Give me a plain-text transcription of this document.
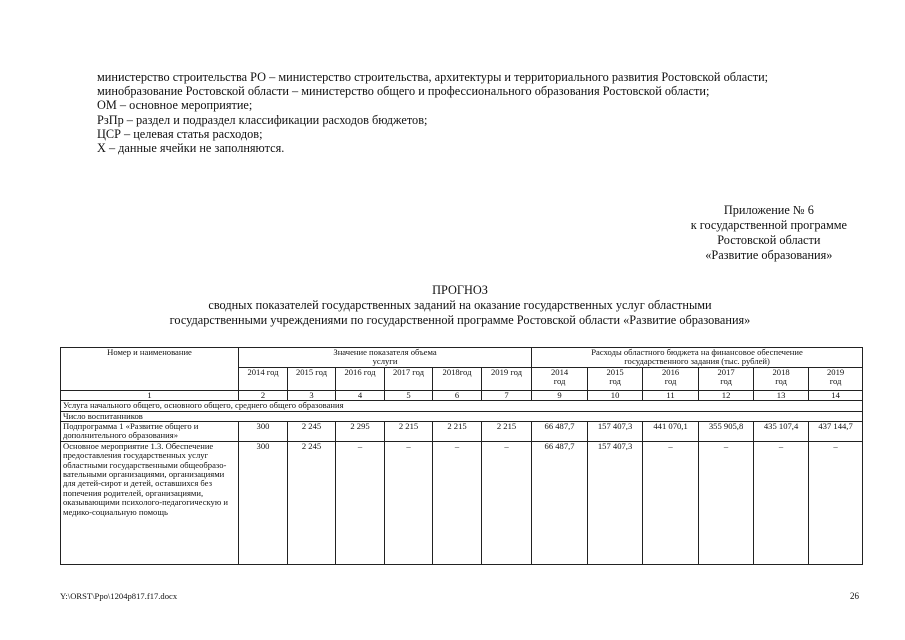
министерство строительства РО – министерство строительства, архитектуры и территориального развития Ростовской области;

минобразование Ростовской области – министерство общего и профессионального образования Ростовской области;

ОМ – основное мероприятие;

РзПр – раздел и подраздел классификации расходов бюджетов;

ЦСР – целевая статья расходов;

Х – данные ячейки не заполняются.

Приложение № 6
к государственной программе
Ростовской области
«Развитие образования»
ПРОГНОЗ
сводных показателей государственных заданий на оказание государственных услуг областными
государственными учреждениями по государственной программе Ростовской области «Развитие образования»
Номер и наименование	Значение показателя объема услуги						Расходы областного бюджета на финансовое обеспечение государственного задания (тыс. рублей)					

	2014 год	2015 год	2016 год	2017 год	2018год	2019 год	2014 год	2015 год	2016 год	2017 год	2018 год	2019 год

1	2	3	4	5	6	7	9	10	11	12	13	14
Услуга начального общего, основного общего, среднего общего образования												
Число воспитанников												
Подпрограмма 1 «Развитие общего и дополнительного образования»	300	2 245	2 295	2 215	2 215	2 215	66 487,7	157 407,3	441 070,1	355 905,8	435 107,4	437 144,7
Основное мероприятие 1.3. Обеспечение предоставления государственных услуг областными государственными общеобразо-вательными организациями, организациями для детей-сирот и детей, оставшихся без попечения родителей, организациями, оказывающими психолого-педагогическую и медико-социальную помощь	300	2 245	–	–	–	–	66 487,7	157 407,3	–	–	–	–
Y:\ORST\Ppo\1204p817.f17.docx	26
